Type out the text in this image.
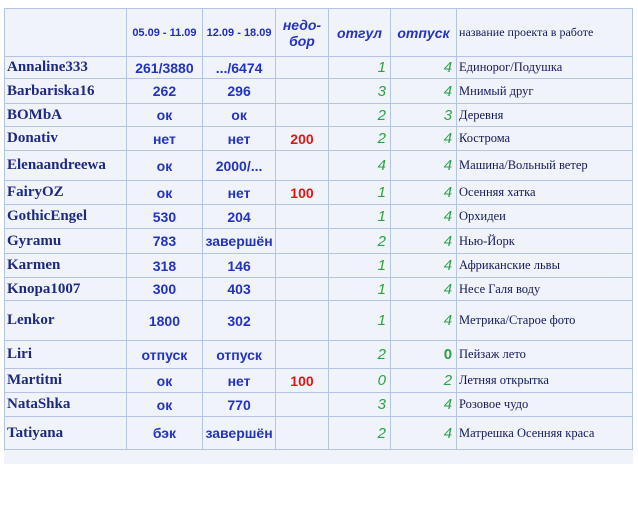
	05.09 - 11.09	12.09 - 18.09	недо-бор	отгул	отпуск	название проекта в работе
Annaline333	261/3880	.../6474		1	4	Единорог/Подушка
Barbariska16	262	296		3	4	Мнимый друг
BOMbA	ок	ок		2	3	Деревня
Donativ	нет	нет	200	2	4	Кострома
Elenaandreewa	ок	2000/...		4	4	Машина/Вольный ветер
FairyOZ	ок	нет	100	1	4	Осенняя хатка
GothicEngel	530	204		1	4	Орхидеи
Gyramu	783	завершён		2	4	Нью-Йорк
Karmen	318	146		1	4	Африканские львы
Knopa1007	300	403		1	4	Несе Галя воду
Lenkor	1800	302		1	4	Метрика/Старое фото
Liri	отпуск	отпуск		2	0	Пейзаж лето
Martitni	ок	нет	100	0	2	Летняя открытка
NataShka	ок	770		3	4	Розовое чудо
Tatiyana	бэк	завершён		2	4	Матрешка Осенняя краса
